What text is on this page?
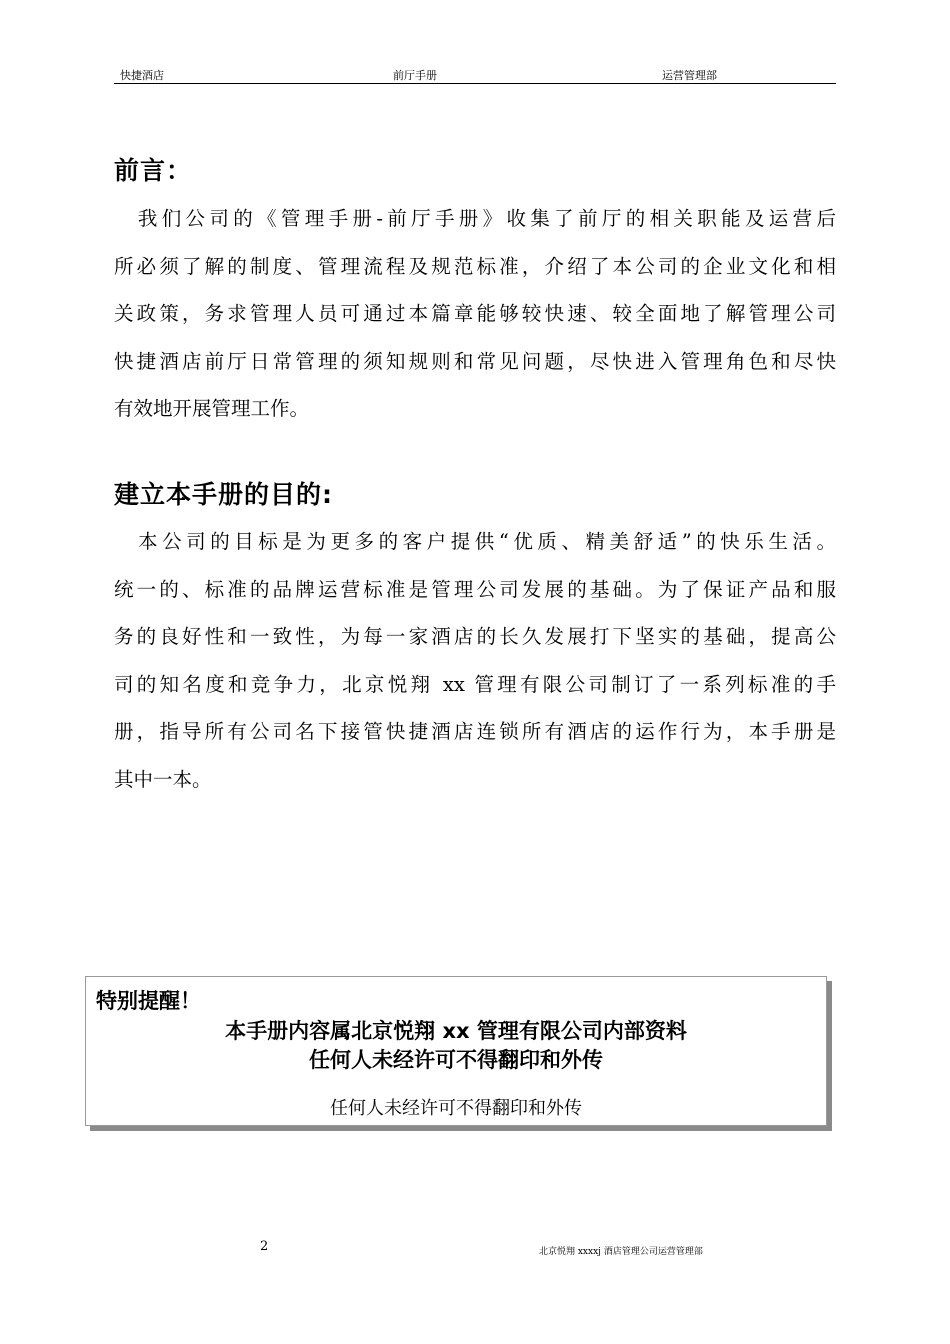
快捷酒店	前厅手册	运营管理部
前言：
　我们公司的《管理手册-前厅手册》收集了前厅的相关职能及运营后
所必须了解的制度、管理流程及规范标准，介绍了本公司的企业文化和相
关政策，务求管理人员可通过本篇章能够较快速、较全面地了解管理公司
快捷酒店前厅日常管理的须知规则和常见问题，尽快进入管理角色和尽快
有效地开展管理工作。
建立本手册的目的:
　本公司的目标是为更多的客户提供“优质、精美舒适”的快乐生活。
统一的、标准的品牌运营标准是管理公司发展的基础。为了保证产品和服
务的良好性和一致性，为每一家酒店的长久发展打下坚实的基础，提高公
司的知名度和竞争力，北京悦翔 xx 管理有限公司制订了一系列标准的手
册，指导所有公司名下接管快捷酒店连锁所有酒店的运作行为，本手册是
其中一本。
特别提醒！
本手册内容属北京悦翔 xx 管理有限公司内部资料
任何人未经许可不得翻印和外传
任何人未经许可不得翻印和外传
2	北京悦翔 xxxxj 酒店管理公司运营管理部
